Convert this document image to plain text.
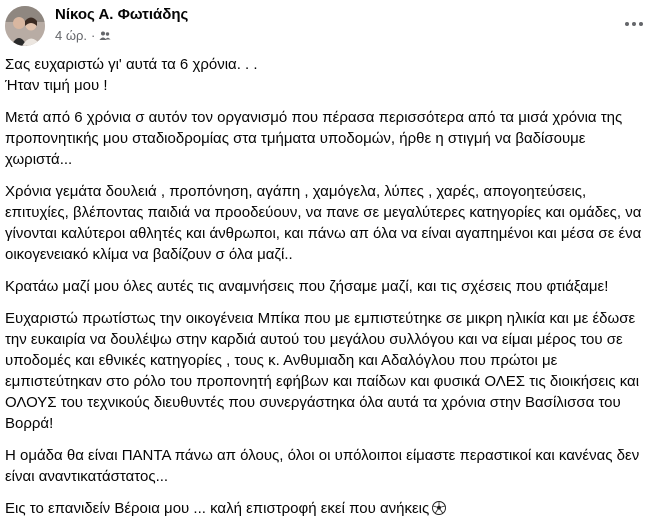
Νίκος Α. Φωτιάδης
4 ώρ. ·

Σας ευχαριστώ γι' αυτά τα 6 χρόνια. . .

Ήταν τιμή μου !

Μετά από 6 χρόνια σ αυτόν τον οργανισμό που πέρασα περισσότερα από τα μισά χρόνια της προπονητικής μου σταδιοδρομίας στα τμήματα υποδομών, ήρθε η στιγμή να βαδίσουμε χωριστά...

Χρόνια γεμάτα δουλειά , προπόνηση, αγάπη , χαμόγελα, λύπες , χαρές, απογοητεύσεις, επιτυχίες, βλέποντας παιδιά να προοδεύουν, να πανε σε μεγαλύτερες κατηγορίες και ομάδες, να γίνονται καλύτεροι αθλητές και άνθρωποι, και πάνω απ όλα να είναι αγαπημένοι και μέσα σε ένα οικογενειακό κλίμα να βαδίζουν σ όλα μαζί..

Κρατάω μαζί μου όλες αυτές τις αναμνήσεις που ζήσαμε μαζί, και τις σχέσεις που φτιάξαμε!

Ευχαριστώ πρωτίστως την οικογένεια Μπίκα που με εμπιστεύτηκε σε μικρη ηλικία και με έδωσε την ευκαιρία να δουλέψω στην καρδιά αυτού του μεγάλου συλλόγου και να είμαι μέρος του σε υποδομές και εθνικές κατηγορίες , τους κ. Ανθυμιαδη και Αδαλόγλου που πρώτοι με εμπιστεύτηκαν στο ρόλο του προπονητή εφήβων και παίδων και φυσικά ΟΛΕΣ τις διοικήσεις και ΟΛΟΥΣ του τεχνικούς διευθυντές που συνεργάστηκα όλα αυτά τα χρόνια στην Βασίλισσα του Βορρά!

Η ομάδα θα είναι ΠΑΝΤΑ πάνω απ όλους, όλοι οι υπόλοιποι είμαστε περαστικοί και κανένας δεν είναι αναντικατάστατος...

Εις το επανιδείν Βέροια μου ... καλή επιστροφή εκεί που ανήκεις
